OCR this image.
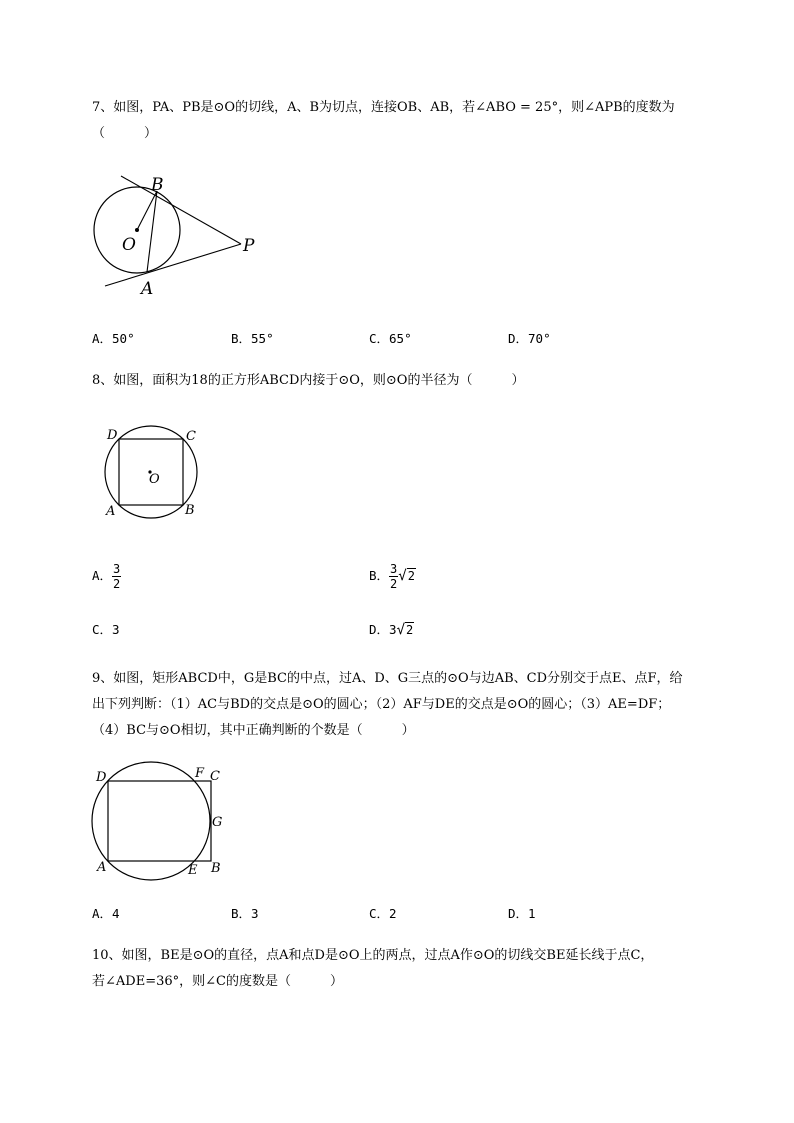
7、如图，PA、PB是⊙O的切线，A、B为切点，连接OB、AB，若∠ABO = 25°，则∠APB的度数为
（　　　）
B
O	P
A
A．50°	B．55°	C．65°	D．70°
8、如图，面积为18的正方形ABCD内接于⊙O，则⊙O的半径为（　　　）
D	C
O
A	B
A． $\frac{3}{2}$	B． $\frac{3}{2} √2$
C．3	D．3√2
9、如图，矩形ABCD中，G是BC的中点，过A、D、G三点的⊙O与边AB、CD分别交于点E、点F，给
出下列判断：（1）AC与BD的交点是⊙O的圆心；（2）AF与DE的交点是⊙O的圆心；（3）AE=DF；
（4）BC与⊙O相切，其中正确判断的个数是（　　　）
D	F C
G
A	E B
A．4	B．3	C．2	D．1
10、如图，BE是⊙O的直径，点A和点D是⊙O上的两点，过点A作⊙O的切线交BE延长线于点C，
若∠ADE=36°，则∠C的度数是（　　　）
